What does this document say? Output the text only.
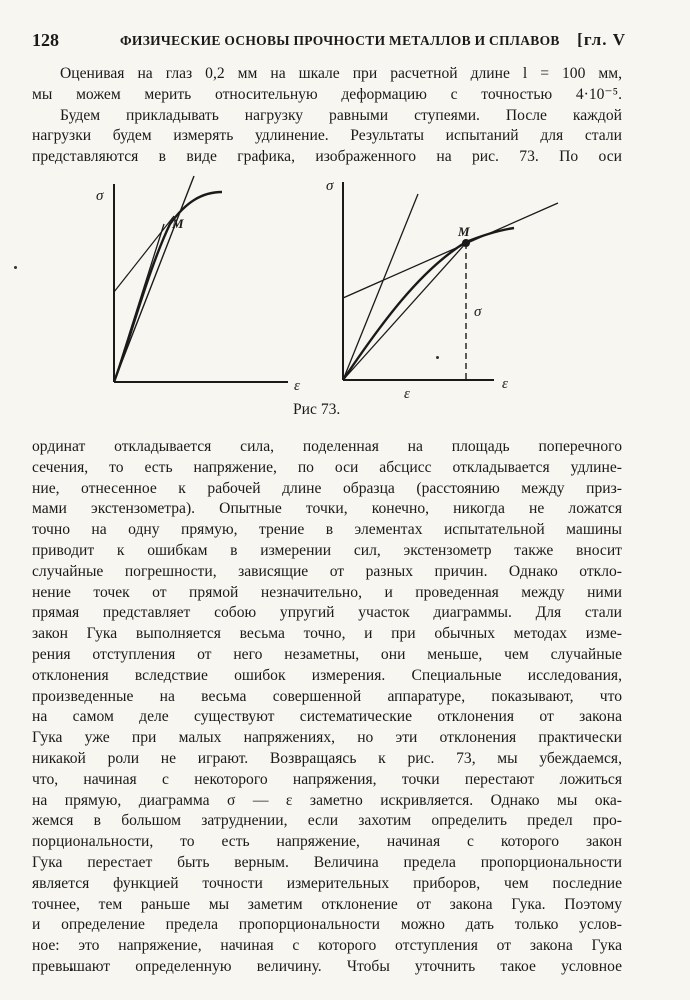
128	ФИЗИЧЕСКИЕ ОСНОВЫ ПРОЧНОСТИ МЕТАЛЛОВ И СПЛАВОВ [гл. V
Оценивая на глаз 0,2 мм на шкале при расчетной длине l = 100 мм,
мы можем мерить относительную деформацию с точностью 4·10⁻⁵.
Будем прикладывать нагрузку равными ступеями. После каждой
нагрузки будем измерять удлинение. Результаты испытаний для стали
представляются в виде графика, изображенного на рис. 73. По оси
σ
ε
M
σ
ε
M
σ
ε
Рис 73.
ординат откладывается сила, поделенная на площадь поперечного
сечения, то есть напряжение, по оси абсцисс откладывается удлине-
ние, отнесенное к рабочей длине образца (расстоянию между приз-
мами экстензометра). Опытные точки, конечно, никогда не ложатся
точно на одну прямую, трение в элементах испытательной машины
приводит к ошибкам в измерении сил, экстензометр также вносит
случайные погрешности, зависящие от разных причин. Однако откло-
нение точек от прямой незначительно, и проведенная между ними
прямая представляет собою упругий участок диаграммы. Для стали
закон Гука выполняется весьма точно, и при обычных методах изме-
рения отступления от него незаметны, они меньше, чем случайные
отклонения вследствие ошибок измерения. Специальные исследования,
произведенные на весьма совершенной аппаратуре, показывают, что
на самом деле существуют систематические отклонения от закона
Гука уже при малых напряжениях, но эти отклонения практически
никакой роли не играют. Возвращаясь к рис. 73, мы убеждаемся,
что, начиная с некоторого напряжения, точки перестают ложиться
на прямую, диаграмма σ — ε заметно искривляется. Однако мы ока-
жемся в большом затруднении, если захотим определить предел про-
порциональности, то есть напряжение, начиная с которого закон
Гука перестает быть верным. Величина предела пропорциональности
является функцией точности измерительных приборов, чем последние
точнее, тем раньше мы заметим отклонение от закона Гука. Поэтому
и определение предела пропорциональности можно дать только услов-
ное: это напряжение, начиная с которого отступления от закона Гука
превышают определенную величину. Чтобы уточнить такое условное
